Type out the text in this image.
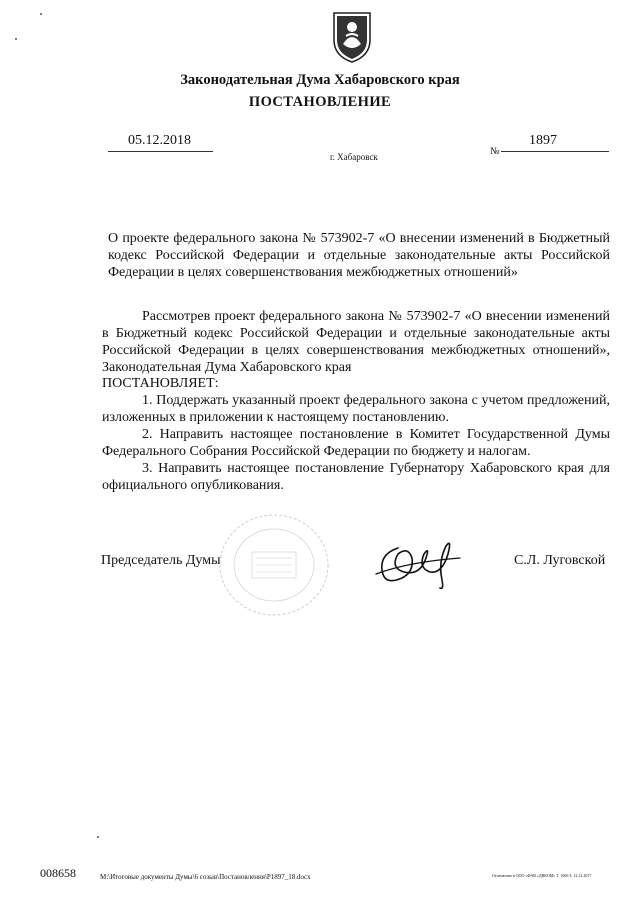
Законодательная Дума Хабаровского края
ПОСТАНОВЛЕНИЕ
05.12.2018
№
1897
г. Хабаровск
О проекте федерального закона № 573902-7 «О внесении изменений в Бюджетный кодекс Российской Федерации и отдельные законодательные акты Российской Федерации в целях совершенствования межбюджетных отношений»
Рассмотрев проект федерального закона № 573902-7 «О внесении изменений в Бюджетный кодекс Российской Федерации и отдельные законодательные акты Российской Федерации в целях совершенствования межбюджетных отношений», Законодательная Дума Хабаровского края
ПОСТАНОВЛЯЕТ:
1. Поддержать указанный проект федерального закона с учетом предложений, изложенных в приложении к настоящему постановлению.
2. Направить настоящее постановление в Комитет Государственной Думы Федерального Собрания Российской Федерации по бюджету и налогам.
3. Направить настоящее постановление Губернатору Хабаровского края для официального опубликования.
Председатель Думы	С.Л. Луговской
008658	M:\Итоговые документы Думы\6 созыв\Постановления\P1897_18.docx	Отпечатано в ООО «ФАВ «ДВКОМ» Т. 1000 З. 12.12.2017
